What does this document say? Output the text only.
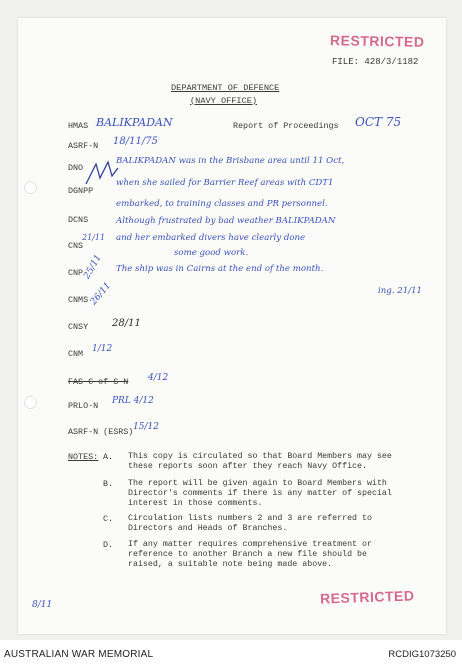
RESTRICTED
FILE: 428/3/1182
DEPARTMENT OF DEFENCE
(NAVY OFFICE)
HMAS BALIKPADAN	Report of Proceedings OCT 75
ASRF-N 18/11/75
DNO
DGNPP
DCNS
CNS
21/11
CNP 25/11
CNMS 26/11
CNSY 28/11
CNM 1/12
FAS C of S N 4/12
PRLO-N PRL 4/12
ASRF-N (ESRS) 15/12
BALIKPADAN was in the Brisbane area until 11 Oct,
when she sailed for Barrier Reef areas with CDT1
embarked, to training classes and PR personnel.
Although frustrated by bad weather BALIKPADAN
and her embarked divers have clearly done
some good work.
The ship was in Cairns at the end of the month.
ing. 21/11
NOTES: A. This copy is circulated so that Board Members may see these reports soon after they reach Navy Office.
B. The report will be given again to Board Members with Director's comments if there is any matter of special interest in those comments.
C. Circulation lists numbers 2 and 3 are referred to Directors and Heads of Branches.
D. If any matter requires comprehensive treatment or reference to another Branch a new file should be raised, a suitable note being made above.
RESTRICTED
8/11
AUSTRALIAN WAR MEMORIAL	RCDIG1073250
